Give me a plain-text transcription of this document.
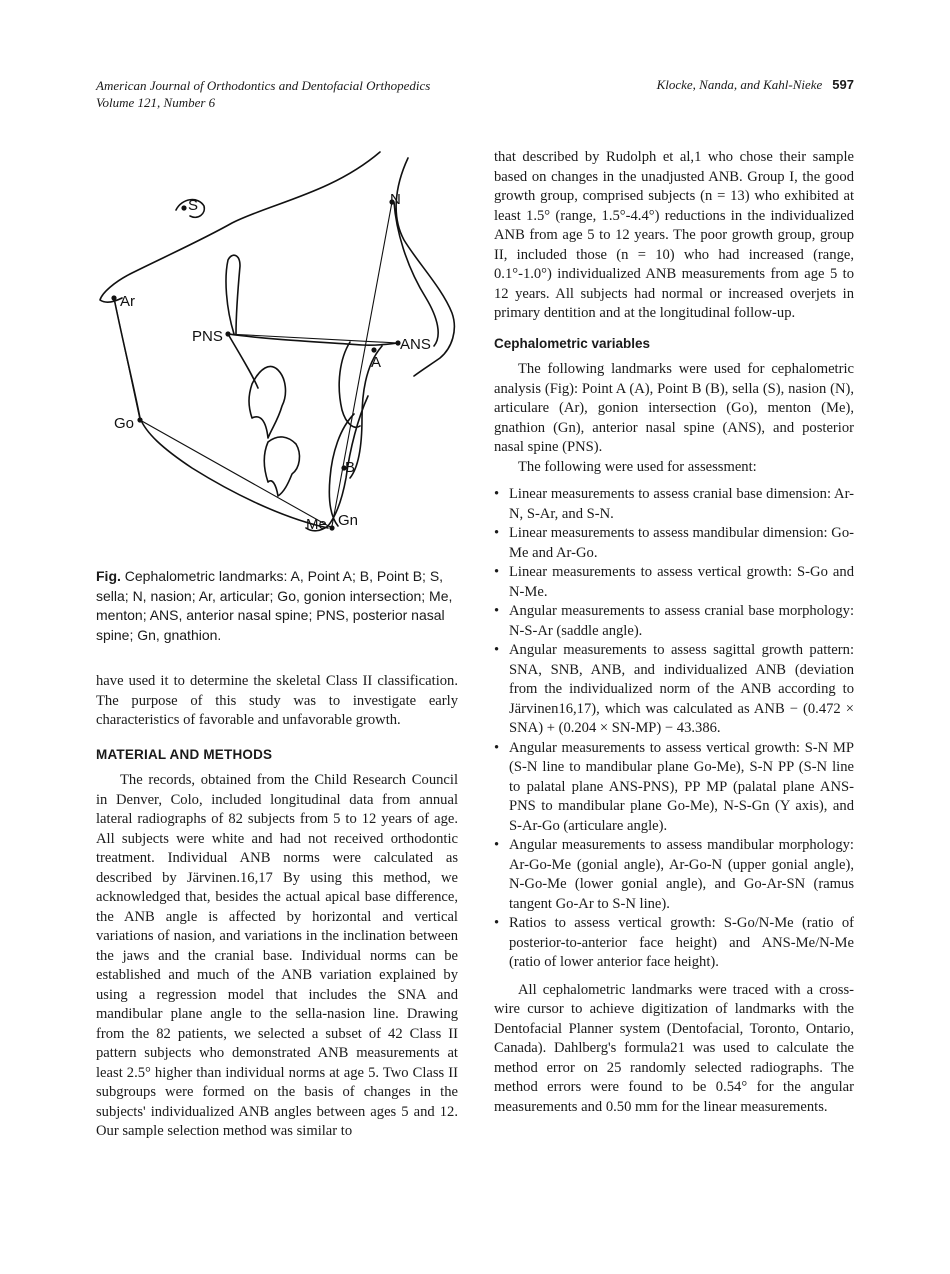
American Journal of Orthodontics and Dentofacial Orthopedics
Volume 121, Number 6
Klocke, Nanda, and Kahl-Nieke 597
S	N
Ar
PNS	ANS
A
Go
B
Me Gn
Fig. Cephalometric landmarks: A, Point A; B, Point B; S, sella; N, nasion; Ar, articular; Go, gonion intersection; Me, menton; ANS, anterior nasal spine; PNS, posterior nasal spine; Gn, gnathion.

have used it to determine the skeletal Class II classification. The purpose of this study was to investigate early characteristics of favorable and unfavorable growth.

MATERIAL AND METHODS

The records, obtained from the Child Research Council in Denver, Colo, included longitudinal data from annual lateral radiographs of 82 subjects from 5 to 12 years of age. All subjects were white and had not received orthodontic treatment. Individual ANB norms were calculated as described by Järvinen.16,17 By using this method, we acknowledged that, besides the actual apical base difference, the ANB angle is affected by horizontal and vertical variations of nasion, and variations in the inclination between the jaws and the cranial base. Individual norms can be established and much of the ANB variation explained by using a regression model that includes the SNA and mandibular plane angle to the sella-nasion line. Drawing from the 82 patients, we selected a subset of 42 Class II pattern subjects who demonstrated ANB measurements at least 2.5° higher than individual norms at age 5. Two Class II subgroups were formed on the basis of changes in the subjects' individualized ANB angles between ages 5 and 12. Our sample selection method was similar to

that described by Rudolph et al,1 who chose their sample based on changes in the unadjusted ANB. Group I, the good growth group, comprised subjects (n = 13) who exhibited at least 1.5° (range, 1.5°-4.4°) reductions in the individualized ANB from age 5 to 12 years. The poor growth group, group II, included those (n = 10) who had increased (range, 0.1°-1.0°) individualized ANB measurements from age 5 to 12 years. All subjects had normal or increased overjets in primary dentition and at the longitudinal follow-up.

Cephalometric variables

The following landmarks were used for cephalometric analysis (Fig): Point A (A), Point B (B), sella (S), nasion (N), articulare (Ar), gonion intersection (Go), menton (Me), gnathion (Gn), anterior nasal spine (ANS), and posterior nasal spine (PNS).

The following were used for assessment:

• Linear measurements to assess cranial base dimension: Ar-N, S-Ar, and S-N.
• Linear measurements to assess mandibular dimension: Go-Me and Ar-Go.
• Linear measurements to assess vertical growth: S-Go and N-Me.
• Angular measurements to assess cranial base morphology: N-S-Ar (saddle angle).
• Angular measurements to assess sagittal growth pattern: SNA, SNB, ANB, and individualized ANB (deviation from the individualized norm of the ANB according to Järvinen16,17), which was calculated as ANB − (0.472 × SNA) + (0.204 × SN-MP) − 43.386.
• Angular measurements to assess vertical growth: S-N MP (S-N line to mandibular plane Go-Me), S-N PP (S-N line to palatal plane ANS-PNS), PP MP (palatal plane ANS-PNS to mandibular plane Go-Me), N-S-Gn (Y axis), and S-Ar-Go (articulare angle).
• Angular measurements to assess mandibular morphology: Ar-Go-Me (gonial angle), Ar-Go-N (upper gonial angle), N-Go-Me (lower gonial angle), and Go-Ar-SN (ramus tangent Go-Ar to S-N line).
• Ratios to assess vertical growth: S-Go/N-Me (ratio of posterior-to-anterior face height) and ANS-Me/N-Me (ratio of lower anterior face height).

All cephalometric landmarks were traced with a cross-wire cursor to achieve digitization of landmarks with the Dentofacial Planner system (Dentofacial, Toronto, Ontario, Canada). Dahlberg's formula21 was used to calculate the method error on 25 randomly selected radiographs. The method errors were found to be 0.54° for the angular measurements and 0.50 mm for the linear measurements.
